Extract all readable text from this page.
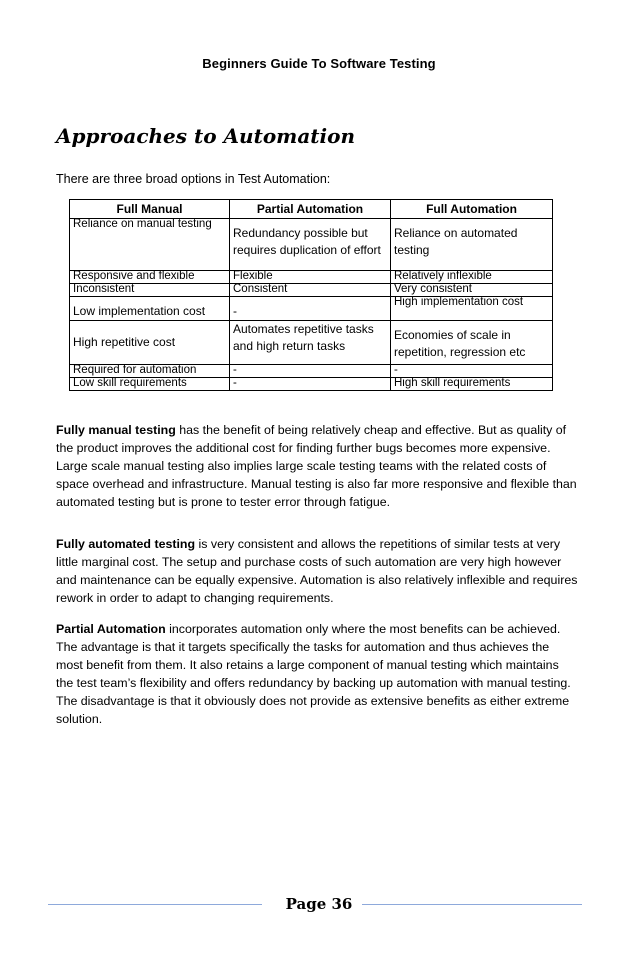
Beginners Guide To Software Testing
Approaches to Automation

There are three broad options in Test Automation:

Full Manual	Partial Automation	Full Automation
Reliance on manual testing	Redundancy possible but requires duplication of effort	Reliance on automated testing
Responsive and flexible	Flexible	Relatively inflexible
Inconsistent	Consistent	Very consistent
Low implementation cost	-	High implementation cost
High repetitive cost	Automates repetitive tasks and high return tasks	Economies of scale in repetition, regression etc
Required for automation	-	-
Low skill requirements	-	High skill requirements

Fully manual testing has the benefit of being relatively cheap and effective. But as quality of the product improves the additional cost for finding further bugs becomes more expensive. Large scale manual testing also implies large scale testing teams with the related costs of space overhead and infrastructure. Manual testing is also far more responsive and flexible than automated testing but is prone to tester error through fatigue.

Fully automated testing is very consistent and allows the repetitions of similar tests at very little marginal cost. The setup and purchase costs of such automation are very high however and maintenance can be equally expensive. Automation is also relatively inflexible and requires rework in order to adapt to changing requirements.

Partial Automation incorporates automation only where the most benefits can be achieved. The advantage is that it targets specifically the tasks for automation and thus achieves the most benefit from them. It also retains a large component of manual testing which maintains the test team’s flexibility and offers redundancy by backing up automation with manual testing. The disadvantage is that it obviously does not provide as extensive benefits as either extreme solution.

Page 36
